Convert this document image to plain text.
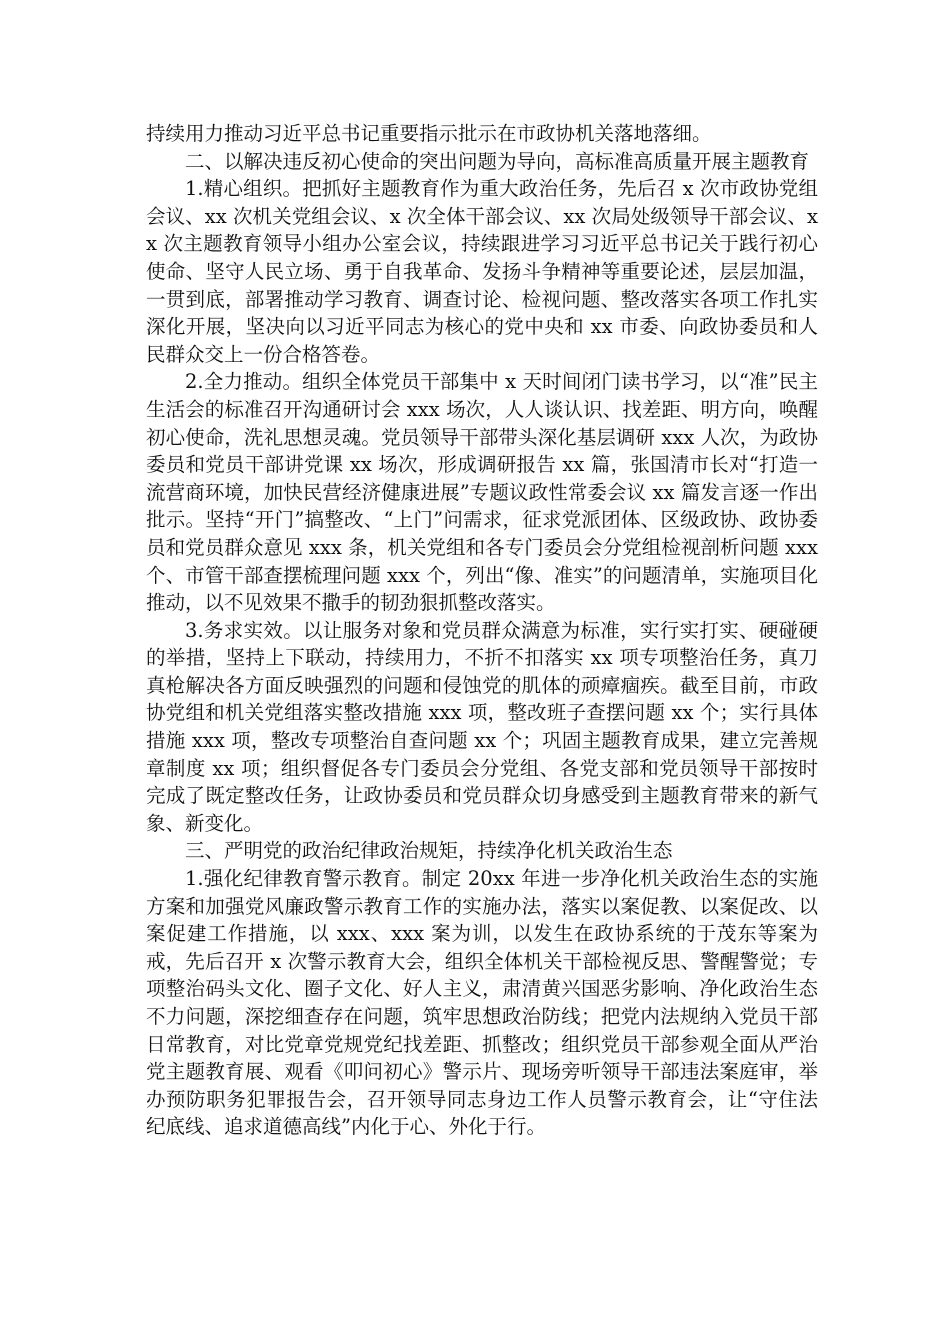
持续用力推动习近平总书记重要指示批示在市政协机关落地落细。

二、以解决违反初心使命的突出问题为导向，高标准高质量开展主题教育

1.精心组织。把抓好主题教育作为重大政治任务，先后召 x 次市政协党组会议、xx 次机关党组会议、x 次全体干部会议、xx 次局处级领导干部会议、xx 次主题教育领导小组办公室会议，持续跟进学习习近平总书记关于践行初心使命、坚守人民立场、勇于自我革命、发扬斗争精神等重要论述，层层加温，一贯到底，部署推动学习教育、调查讨论、检视问题、整改落实各项工作扎实深化开展，坚决向以习近平同志为核心的党中央和 xx 市委、向政协委员和人民群众交上一份合格答卷。

2.全力推动。组织全体党员干部集中 x 天时间闭门读书学习，以“准”民主生活会的标准召开沟通研讨会 xxx 场次，人人谈认识、找差距、明方向，唤醒初心使命，洗礼思想灵魂。党员领导干部带头深化基层调研 xxx 人次，为政协委员和党员干部讲党课 xx 场次，形成调研报告 xx 篇，张国清市长对“打造一流营商环境，加快民营经济健康进展”专题议政性常委会议 xx 篇发言逐一作出批示。坚持“开门”搞整改、“上门”问需求，征求党派团体、区级政协、政协委员和党员群众意见 xxx 条，机关党组和各专门委员会分党组检视剖析问题 xxx 个、市管干部查摆梳理问题 xxx 个，列出“像、准实”的问题清单，实施项目化推动，以不见效果不撒手的韧劲狠抓整改落实。

3.务求实效。以让服务对象和党员群众满意为标准，实行实打实、硬碰硬的举措，坚持上下联动，持续用力，不折不扣落实 xx 项专项整治任务，真刀真枪解决各方面反映强烈的问题和侵蚀党的肌体的顽瘴痼疾。截至目前，市政协党组和机关党组落实整改措施 xxx 项，整改班子查摆问题 xx 个；实行具体措施 xxx 项，整改专项整治自查问题 xx 个；巩固主题教育成果，建立完善规章制度 xx 项；组织督促各专门委员会分党组、各党支部和党员领导干部按时完成了既定整改任务，让政协委员和党员群众切身感受到主题教育带来的新气象、新变化。

三、严明党的政治纪律政治规矩，持续净化机关政治生态

1.强化纪律教育警示教育。制定 20xx 年进一步净化机关政治生态的实施方案和加强党风廉政警示教育工作的实施办法，落实以案促教、以案促改、以案促建工作措施，以 xxx、xxx 案为训，以发生在政协系统的于茂东等案为戒，先后召开 x 次警示教育大会，组织全体机关干部检视反思、警醒警觉；专项整治码头文化、圈子文化、好人主义，肃清黄兴国恶劣影响、净化政治生态不力问题，深挖细查存在问题，筑牢思想政治防线；把党内法规纳入党员干部日常教育，对比党章党规党纪找差距、抓整改；组织党员干部参观全面从严治党主题教育展、观看《叩问初心》警示片、现场旁听领导干部违法案庭审，举办预防职务犯罪报告会，召开领导同志身边工作人员警示教育会，让“守住法纪底线、追求道德高线”内化于心、外化于行。
